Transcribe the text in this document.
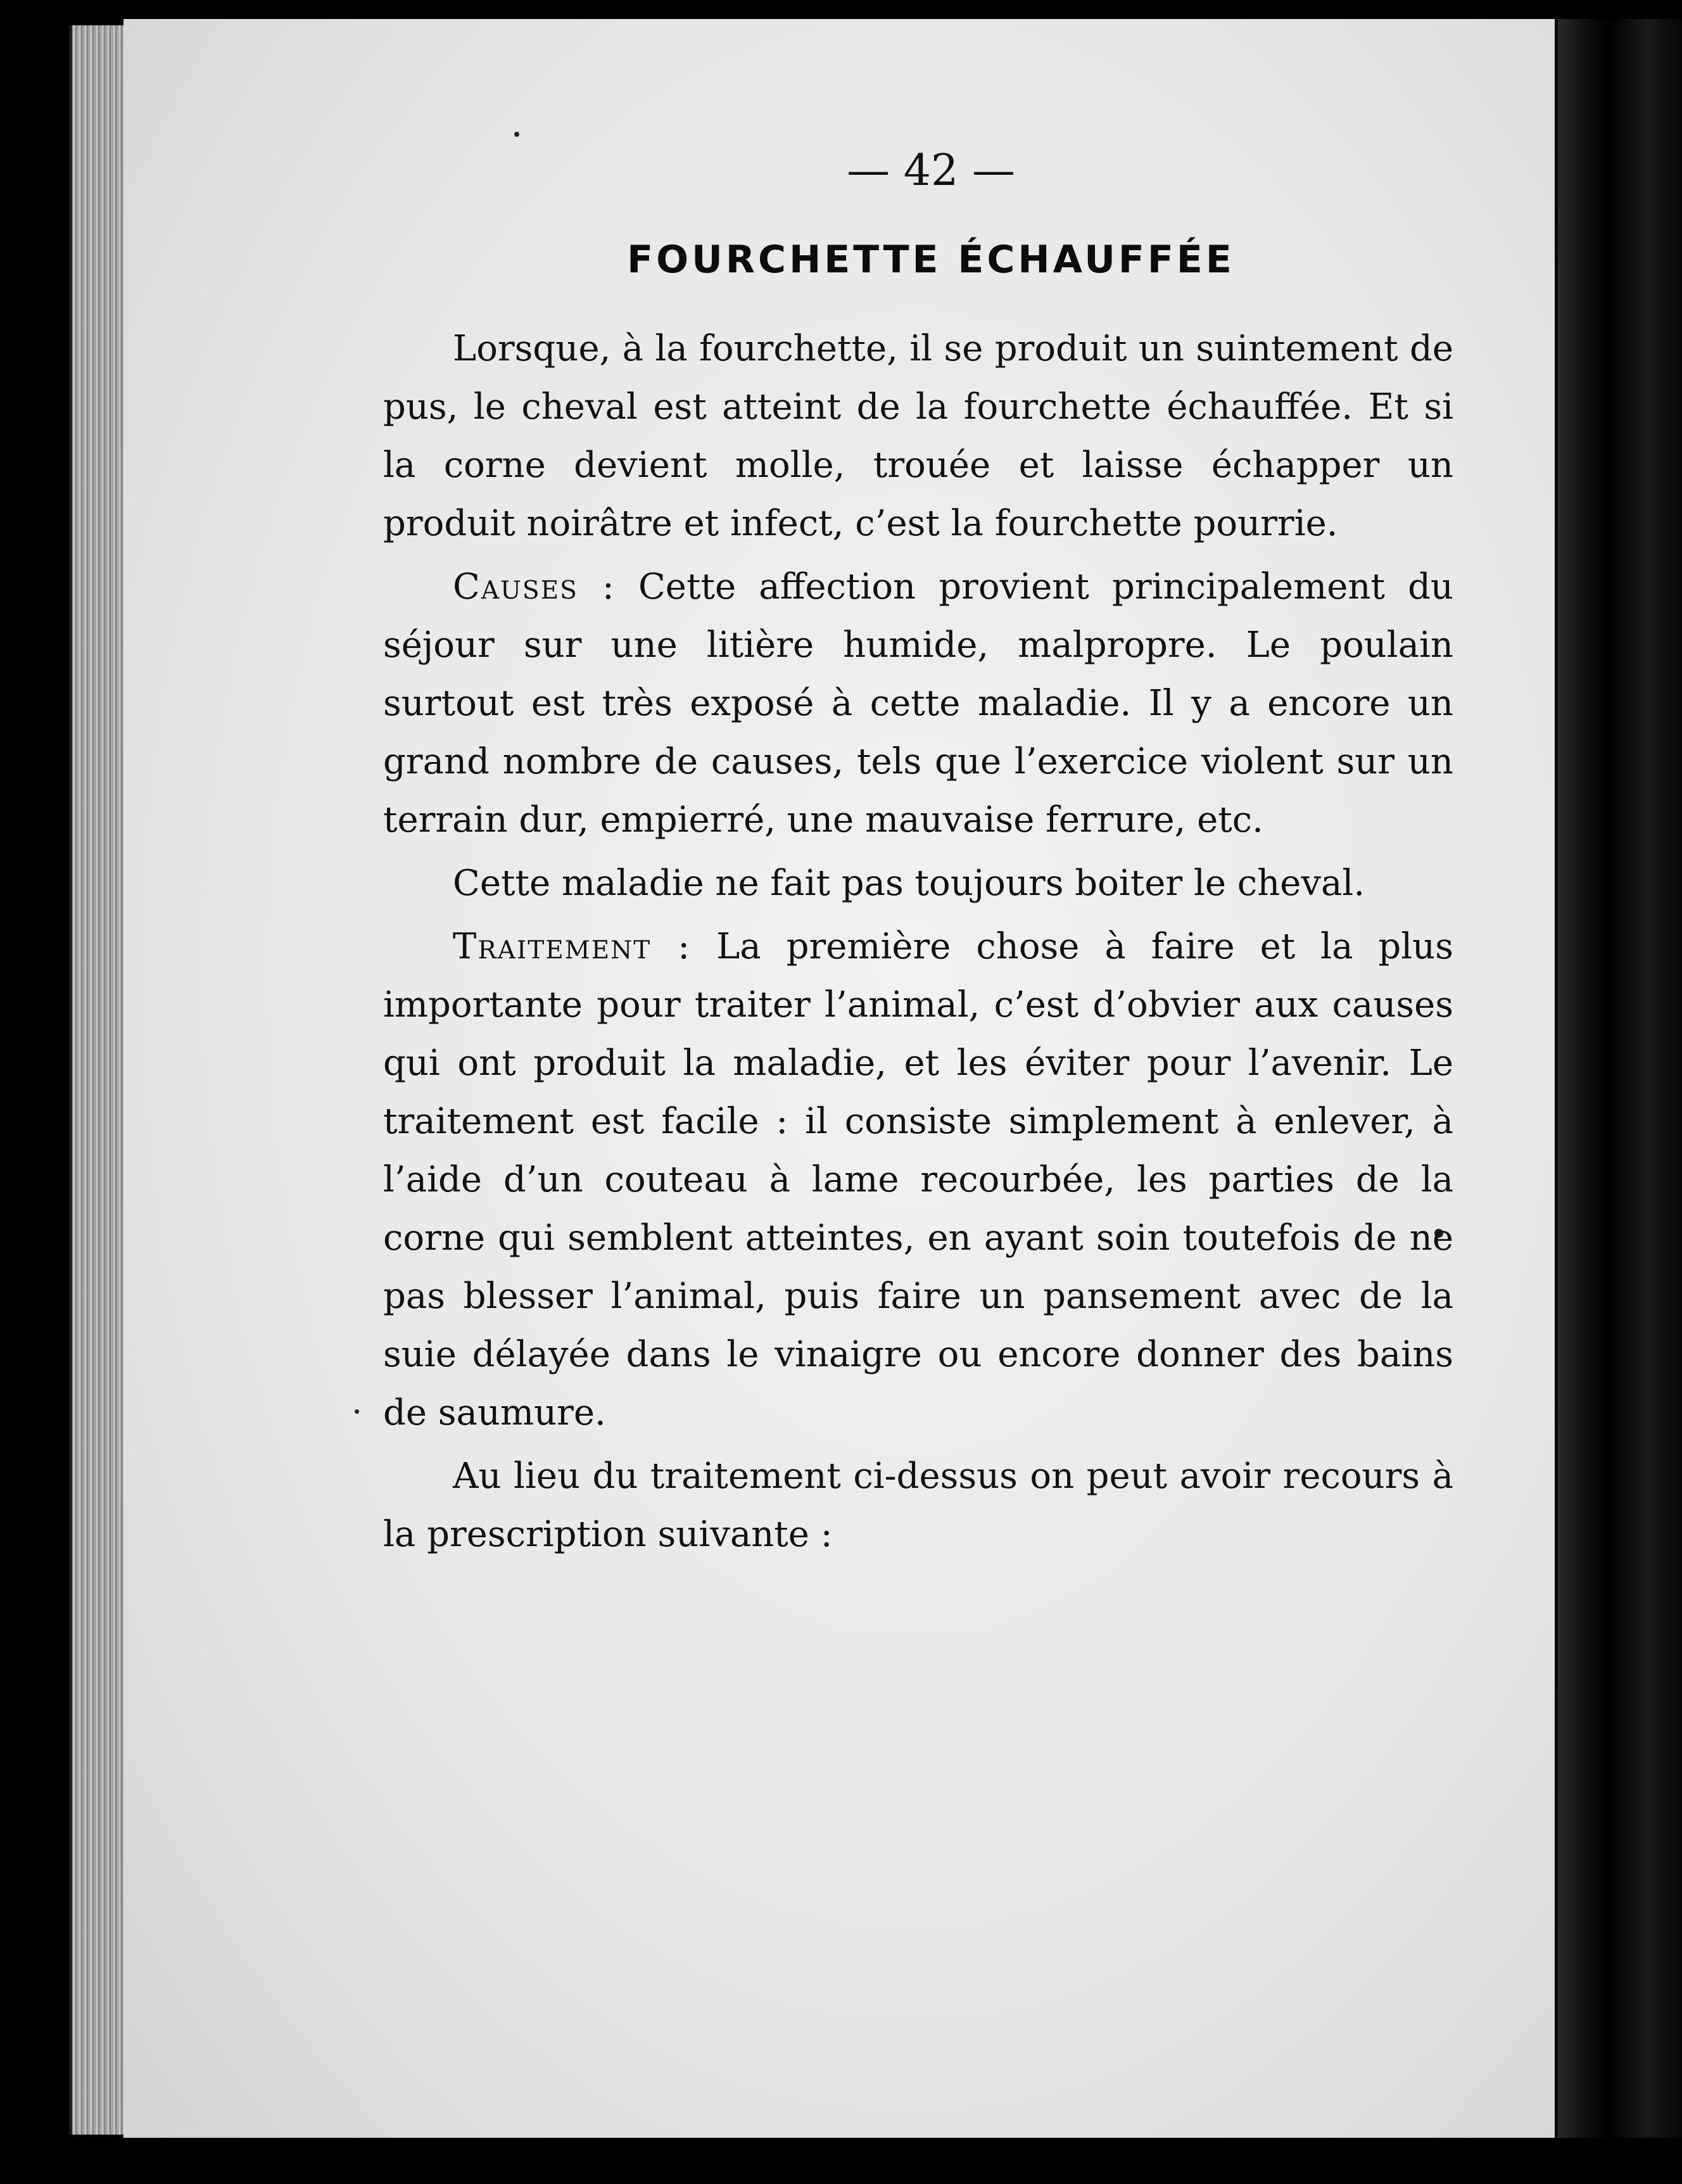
— 42 —
FOURCHETTE ÉCHAUFFÉE

Lorsque, à la fourchette, il se produit un suintement de pus, le cheval est atteint de la fourchette échauffée. Et si la corne devient molle, trouée et laisse échapper un produit noirâtre et infect, c’est la fourchette pourrie.

Causes : Cette affection provient principalement du séjour sur une litière humide, malpropre. Le poulain surtout est très exposé à cette maladie. Il y a encore un grand nombre de causes, tels que l’exercice violent sur un terrain dur, empierré, une mauvaise ferrure, etc.

Cette maladie ne fait pas toujours boiter le cheval.

Traitement : La première chose à faire et la plus importante pour traiter l’animal, c’est d’obvier aux causes qui ont produit la maladie, et les éviter pour l’avenir. Le traitement est facile : il consiste simplement à enlever, à l’aide d’un couteau à lame recourbée, les parties de la corne qui semblent atteintes, en ayant soin toutefois de ne pas blesser l’animal, puis faire un pansement avec de la suie délayée dans le vinaigre ou encore donner des bains de saumure.

Au lieu du traitement ci-dessus on peut avoir recours à la prescription suivante :
